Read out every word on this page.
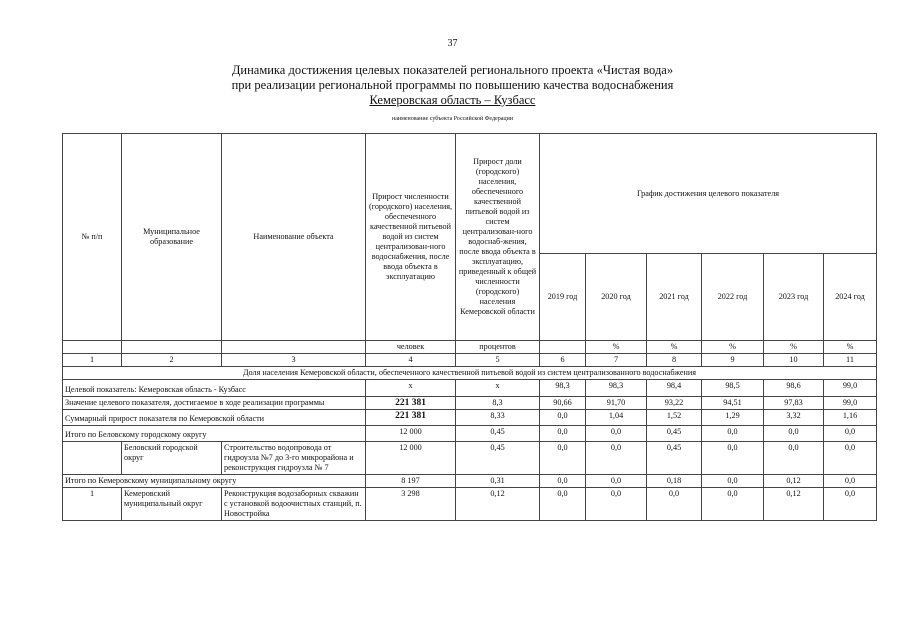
37
Динамика достижения целевых показателей регионального проекта «Чистая вода»
при реализации региональной программы по повышению качества водоснабжения
Кемеровская область – Кузбасс
наименование субъекта Российской Федерации
№ п/п	Муниципальное образование	Наименование объекта	Прирост численности (городского) населения, обеспеченного качественной питьевой водой из систем централизован-ного водоснабжения, после ввода объекта в эксплуатацию	Прирост доли (городского) населения, обеспеченного качественной питьевой водой из систем централизован-ного водоснаб-жения, после ввода объекта в эксплуатацию, приведенный к общей численности (городского) населения Кемеровской области	График достижения целевого показателя					
					2019 год	2020 год	2021 год	2022 год	2023 год	2024 год
			человек	процентов		%	%	%	%	%
1	2	3	4	5	6	7	8	9	10	11
Доля населения Кемеровской области, обеспеченного качественной питьевой водой из систем централизованного водоснабжения										
Целевой показатель: Кемеровская область - Кузбасс			x	x	98,3	98,3	98,4	98,5	98,6	99,0
Значение целевого показателя, достигаемое в ходе реализации программы			221 381	8,3	90,66	91,70	93,22	94,51	97,83	99,0
Суммарный прирост показателя по Кемеровской области			221 381	8,33	0,0	1,04	1,52	1,29	3,32	1,16
Итого по Беловскому городскому округу			12 000	0,45	0,0	0,0	0,45	0,0	0,0	0,0
	Беловский городской округ	Строительство водопровода от гидроузла №7 до 3-го микрорайона и реконструкция гидроузла № 7	12 000	0,45	0,0	0,0	0,45	0,0	0,0	0,0
Итого по Кемеровскому муниципальному округу			8 197	0,31	0,0	0,0	0,18	0,0	0,12	0,0
1	Кемеровский муниципальный округ	Реконструкция водозаборных скважин с установкой водоочистных станций, п. Новостройка	3 298	0,12	0,0	0,0	0,0	0,0	0,12	0,0
